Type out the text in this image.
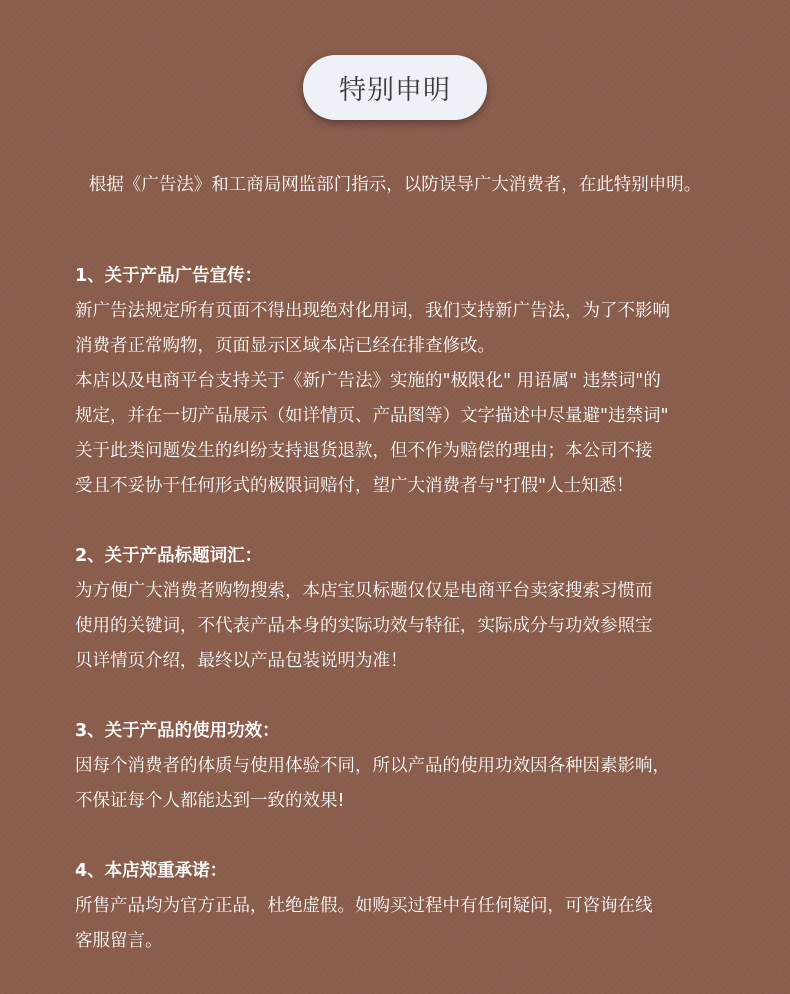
特别申明
根据《广告法》和工商局网监部门指示，以防误导广大消费者，在此特别申明。
1、关于产品广告宣传：
新广告法规定所有页面不得出现绝对化用词，我们支持新广告法，为了不影响
消费者正常购物，页面显示区域本店已经在排查修改。
本店以及电商平台支持关于《新广告法》实施的"极限化" 用语属" 违禁词"的
规定，并在一切产品展示（如详情页、产品图等）文字描述中尽量避"违禁词"
关于此类问题发生的纠纷支持退货退款，但不作为赔偿的理由；本公司不接
受且不妥协于任何形式的极限词赔付，望广大消费者与"打假"人士知悉！
2、关于产品标题词汇：
为方便广大消费者购物搜索，本店宝贝标题仅仅是电商平台卖家搜索习惯而
使用的关键词，不代表产品本身的实际功效与特征，实际成分与功效参照宝
贝详情页介绍，最终以产品包装说明为准！
3、关于产品的使用功效：
因每个消费者的体质与使用体验不同，所以产品的使用功效因各种因素影响，
不保证每个人都能达到一致的效果!
4、本店郑重承诺：
所售产品均为官方正品，杜绝虚假。如购买过程中有任何疑问，可咨询在线
客服留言。
